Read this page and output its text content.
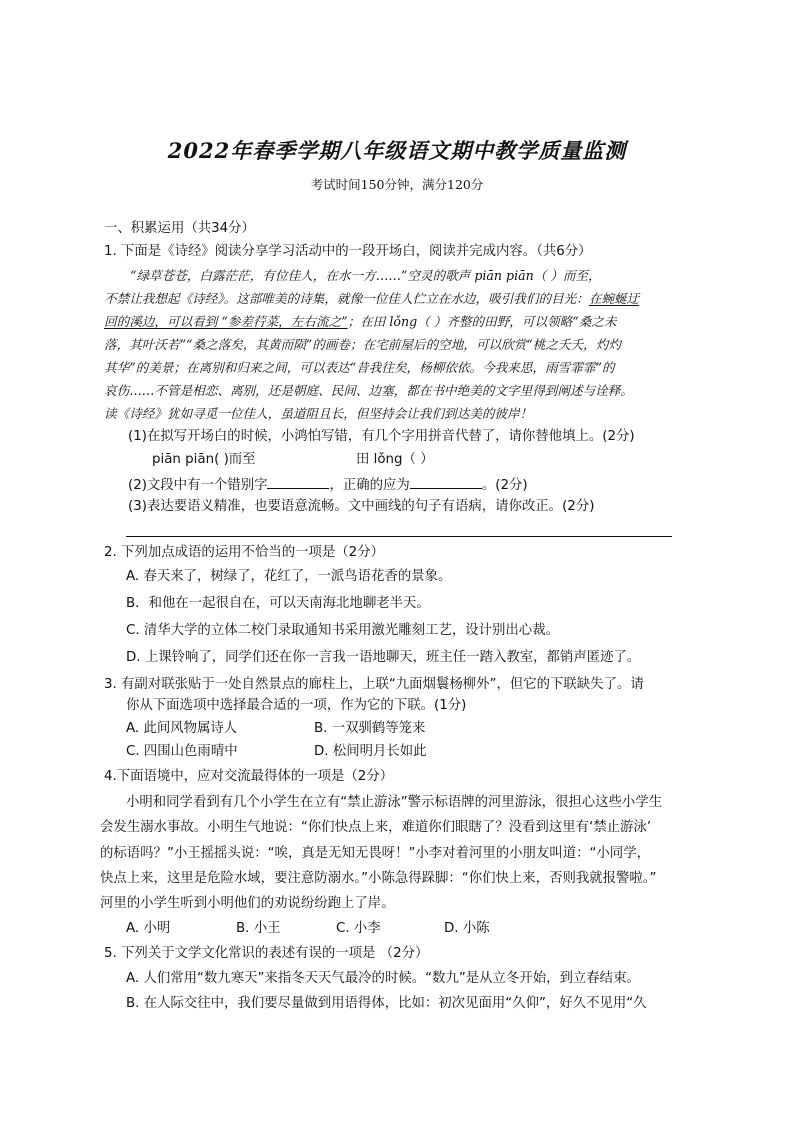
2022年春季学期八年级语文期中教学质量监测
考试时间150分钟，满分120分
一、积累运用（共34分）
1. 下面是《诗经》阅读分享学习活动中的一段开场白，阅读并完成内容。（共6分）
“绿草苍苍，白露茫茫，有位佳人，在水一方……”空灵的歌声 piān piān（ ）而至，
不禁让我想起《诗经》。这部唯美的诗集，就像一位佳人伫立在水边，吸引我们的目光：在蜿蜒迂
回的溪边，可以看到 “参差荇菜，左右流之”；在田 lǒng（ ）齐整的田野，可以领略“桑之未
落，其叶沃若”“桑之落矣，其黄而陨”的画卷；在宅前屋后的空地，可以欣赏“桃之夭夭，灼灼
其华”的美景；在离别和归来之间，可以表达“昔我往矣，杨柳依依。今我来思，雨雪霏霏”的
哀伤……不管是相恋、离别，还是朝庭、民间、边塞，都在书中绝美的文字里得到阐述与诠释。
读《诗经》犹如寻觅一位佳人，虽道阻且长，但坚持会让我们到达美的彼岸！
(1)在拟写开场白的时候，小鸿怕写错，有几个字用拼音代替了，请你替他填上。(2分)
piān piān( )而至	田 lǒng（ ）
(2)文段中有一个错别字	，正确的应为	。(2分)
(3)表达要语义精准，也要语意流畅。文中画线的句子有语病，请你改正。(2分)
2. 下列加点成语的运用不恰当的一项是（2分）
A. 春天来了，树绿了，花红了，一派鸟语花香的景象。
B．和他在一起很自在，可以天南海北地聊老半天。
C. 清华大学的立体二校门录取通知书采用激光雕刻工艺，设计别出心裁。
D. 上课铃响了，同学们还在你一言我一语地聊天，班主任一踏入教室，都销声匿迹了。
3. 有副对联张贴于一处自然景点的廊柱上，上联“九面烟鬟杨柳外”，但它的下联缺失了。请
你从下面选项中选择最合适的一项，作为它的下联。(1分)
A. 此间风物属诗人	B. 一双驯鹤等笼来
C. 四围山色雨晴中	D. 松间明月长如此
4.下面语境中，应对交流最得体的一项是（2分）
小明和同学看到有几个小学生在立有“禁止游泳”警示标语牌的河里游泳，很担心这些小学生
会发生溺水事故。小明生气地说：“你们快点上来，难道你们眼瞎了？没看到这里有‘禁止游泳’
的标语吗？”小王摇摇头说：“唉，真是无知无畏呀！”小李对着河里的小朋友叫道：“小同学，
快点上来，这里是危险水域，要注意防溺水。”小陈急得跺脚：“你们快上来，否则我就报警啦。”
河里的小学生听到小明他们的劝说纷纷跑上了岸。
A. 小明	B. 小王	C. 小李	D. 小陈
5. 下列关于文学文化常识的表述有误的一项是 （2分）
A. 人们常用“数九寒天”来指冬天天气最冷的时候。“数九”是从立冬开始，到立春结束。
B. 在人际交往中，我们要尽量做到用语得体，比如：初次见面用“久仰”，好久不见用“久
